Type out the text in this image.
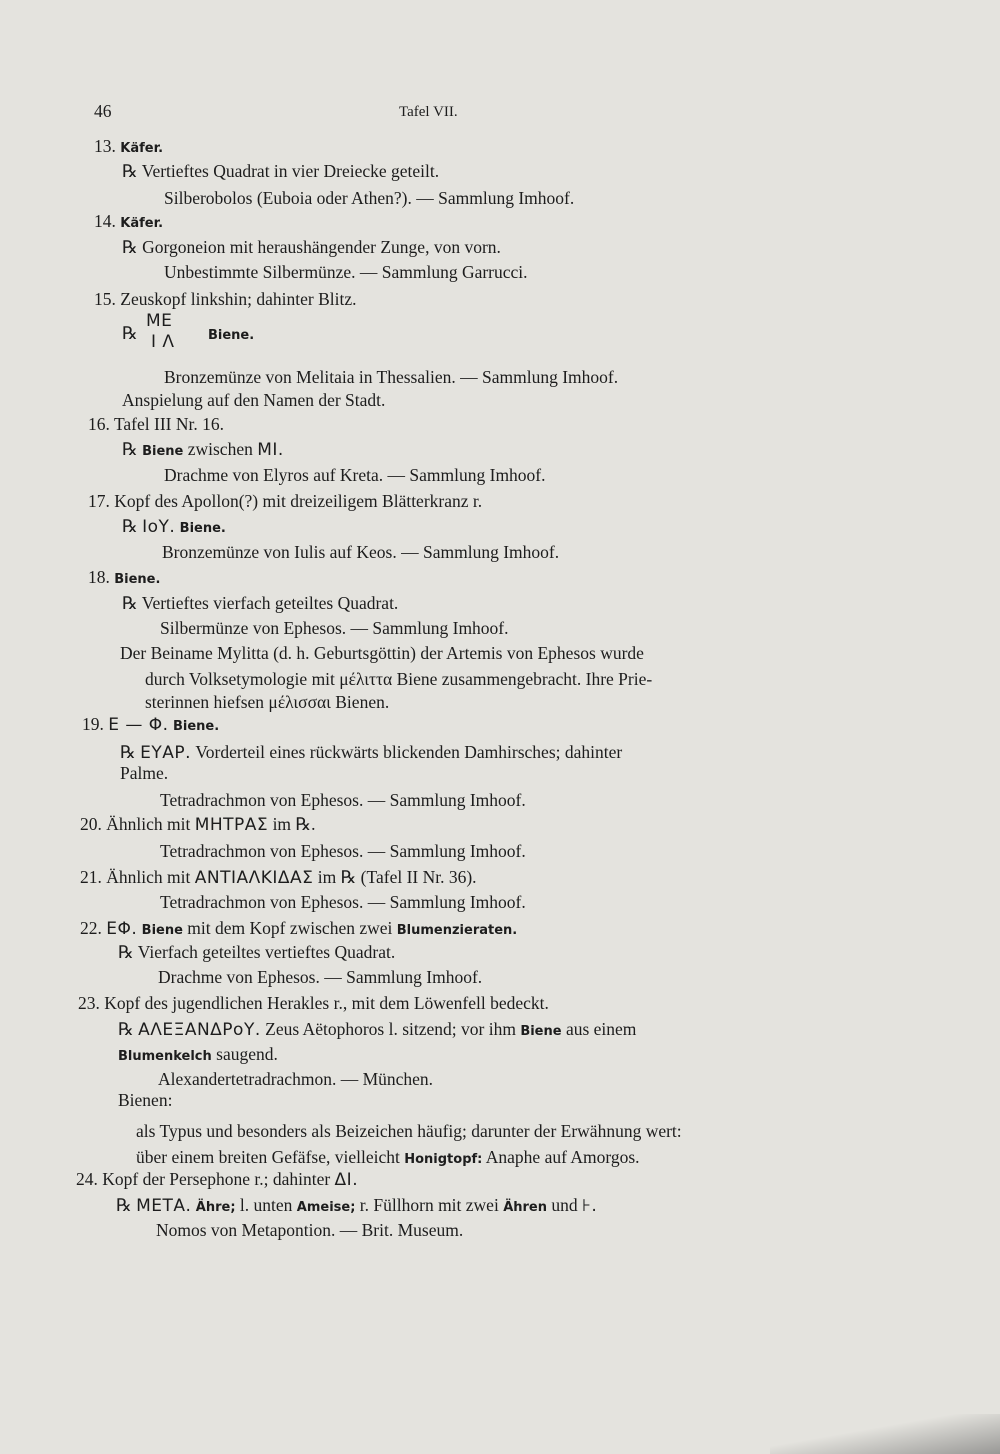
46	Tafel VII.
13. Käfer.
℞ Vertieftes Quadrat in vier Dreiecke geteilt.
Silberobolos (Euboia oder Athen?). — Sammlung Imhoof.
14. Käfer.
℞ Gorgoneion mit heraushängender Zunge, von vorn.
Unbestimmte Silbermünze. — Sammlung Garrucci.
15. Zeuskopf linkshin; dahinter Blitz.
℞
ΜΕ
Ι Λ	Biene.
Bronzemünze von Melitaia in Thessalien. — Sammlung Imhoof.
Anspielung auf den Namen der Stadt.
16. Tafel III Nr. 16.
℞ Biene zwischen ΜΙ.
Drachme von Elyros auf Kreta. — Sammlung Imhoof.
17. Kopf des Apollon(?) mit dreizeiligem Blätterkranz r.
℞ ΙοΥ. Biene.
Bronzemünze von Iulis auf Keos. — Sammlung Imhoof.
18. Biene.
℞ Vertieftes vierfach geteiltes Quadrat.
Silbermünze von Ephesos. — Sammlung Imhoof.
Der Beiname Mylitta (d. h. Geburtsgöttin) der Artemis von Ephesos wurde
durch Volksetymologie mit μέλιττα Biene zusammengebracht. Ihre Prie-
sterinnen hiefsen μέλισσαι Bienen.
19. Ε — Φ. Biene.
℞ ΕΥΑΡ. Vorderteil eines rückwärts blickenden Damhirsches; dahinter
Palme.
Tetradrachmon von Ephesos. — Sammlung Imhoof.
20. Ähnlich mit ΜΗΤΡΑΣ im ℞.
Tetradrachmon von Ephesos. — Sammlung Imhoof.
21. Ähnlich mit ΑΝΤΙΑΛΚΙΔΑΣ im ℞ (Tafel II Nr. 36).
Tetradrachmon von Ephesos. — Sammlung Imhoof.
22. ΕΦ. Biene mit dem Kopf zwischen zwei Blumenzieraten.
℞ Vierfach geteiltes vertieftes Quadrat.
Drachme von Ephesos. — Sammlung Imhoof.
23. Kopf des jugendlichen Herakles r., mit dem Löwenfell bedeckt.
℞ ΑΛΕΞΑΝΔΡοΥ. Zeus Aëtophoros l. sitzend; vor ihm Biene aus einem
Blumenkelch saugend.
Alexandertetradrachmon. — München.
Bienen:
als Typus und besonders als Beizeichen häufig; darunter der Erwähnung wert:
über einem breiten Gefäfse, vielleicht Honigtopf: Anaphe auf Amorgos.
24. Kopf der Persephone r.; dahinter ΔΙ.
℞ ΜΕΤΑ. Ähre; l. unten Ameise; r. Füllhorn mit zwei Ähren und ⊦.
Nomos von Metapontion. — Brit. Museum.
